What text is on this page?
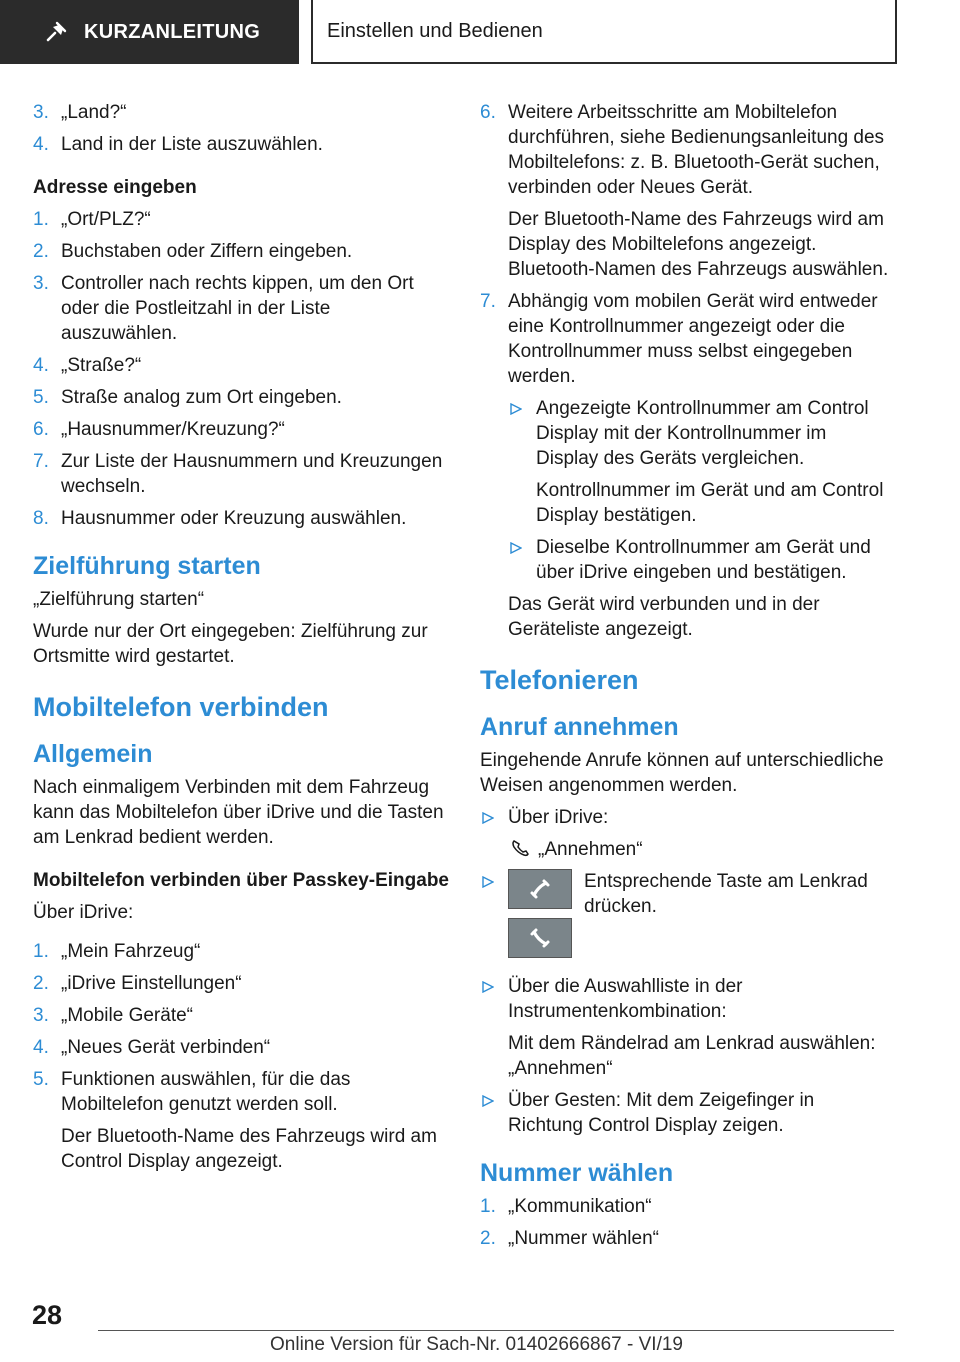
KURZANLEITUNG	Einstellen und Bedienen
3. „Land?“
4. Land in der Liste auszuwählen.
Adresse eingeben
1. „Ort/PLZ?“
2. Buchstaben oder Ziffern eingeben.
3. Controller nach rechts kippen, um den Ort oder die Postleitzahl in der Liste auszuwählen.
4. „Straße?“
5. Straße analog zum Ort eingeben.
6. „Hausnummer/Kreuzung?“
7. Zur Liste der Hausnummern und Kreuzungen wechseln.
8. Hausnummer oder Kreuzung auswählen.
Zielführung starten
„Zielführung starten“
Wurde nur der Ort eingegeben: Zielführung zur Ortsmitte wird gestartet.
Mobiltelefon verbinden
Allgemein
Nach einmaligem Verbinden mit dem Fahrzeug kann das Mobiltelefon über iDrive und die Tasten am Lenkrad bedient werden.
Mobiltelefon verbinden über Passkey-Eingabe
Über iDrive:
1. „Mein Fahrzeug“
2. „iDrive Einstellungen“
3. „Mobile Geräte“
4. „Neues Gerät verbinden“
5. Funktionen auswählen, für die das Mobiltelefon genutzt werden soll.
Der Bluetooth-Name des Fahrzeugs wird am Control Display angezeigt.
6. Weitere Arbeitsschritte am Mobiltelefon durchführen, siehe Bedienungsanleitung des Mobiltelefons: z. B. Bluetooth-Gerät suchen, verbinden oder Neues Gerät.
Der Bluetooth-Name des Fahrzeugs wird am Display des Mobiltelefons angezeigt. Bluetooth-Namen des Fahrzeugs auswählen.
7. Abhängig vom mobilen Gerät wird entweder eine Kontrollnummer angezeigt oder die Kontrollnummer muss selbst eingegeben werden.
Angezeigte Kontrollnummer am Control Display mit der Kontrollnummer im Display des Geräts vergleichen.
Kontrollnummer im Gerät und am Control Display bestätigen.
Dieselbe Kontrollnummer am Gerät und über iDrive eingeben und bestätigen.
Das Gerät wird verbunden und in der Geräteliste angezeigt.
Telefonieren
Anruf annehmen
Eingehende Anrufe können auf unterschiedliche Weisen angenommen werden.
Über iDrive:
„Annehmen“
Entsprechende Taste am Lenkrad drücken.
Über die Auswahlliste in der Instrumentenkombination:
Mit dem Rändelrad am Lenkrad auswählen: „Annehmen“
Über Gesten: Mit dem Zeigefinger in Richtung Control Display zeigen.
Nummer wählen
1. „Kommunikation“
2. „Nummer wählen“
28
Online Version für Sach-Nr. 01402666867 - VI/19
